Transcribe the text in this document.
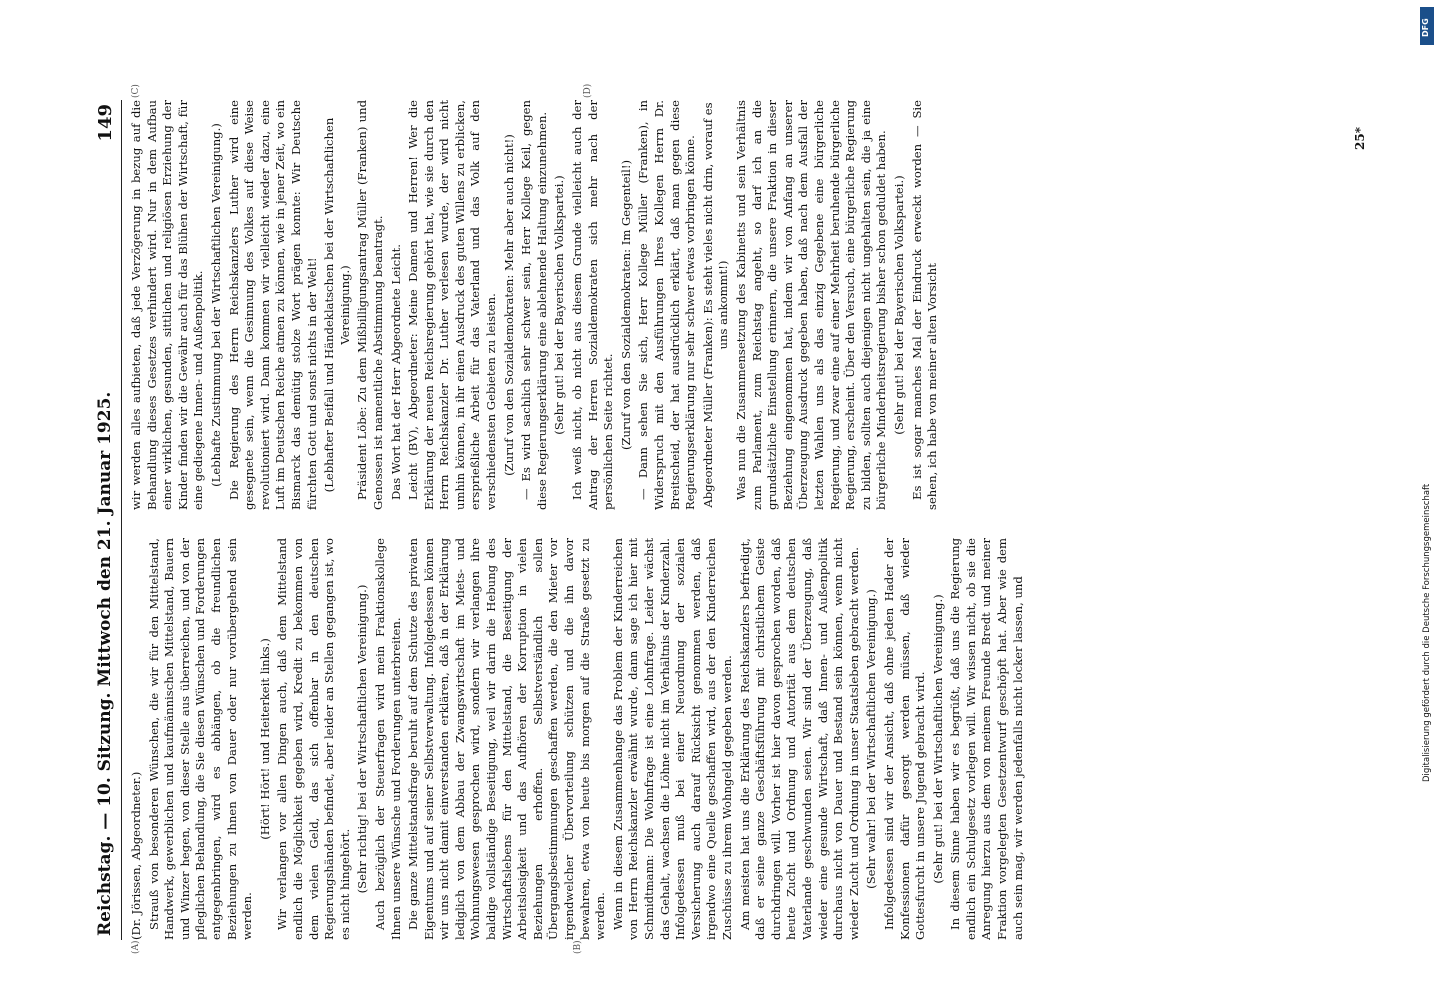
Reichstag. — 10. Sitzung. Mittwoch den 21. Januar 1925.
149
(A)	(B)
(C)	(D)

(Dr. Jörissen, Abgeordneter.) Strauß von besonderen Wünschen, die wir für den Mittelstand, Handwerk, gewerblichen und kaufmännischen Mittelstand, Bauern und Winzer hegen, von dieser Stelle aus überreichen, und von der pfleglichen Behandlung, die Sie diesen Wünschen und Forderungen entgegenbringen, wird es abhängen, ob die freundlichen Beziehungen zu Ihnen von Dauer oder nur vorübergehend sein werden.

(Hört! Hört! und Heiterkeit links.) Wir verlangen vor allen Dingen auch, daß dem Mittelstand endlich die Möglichkeit gegeben wird, Kredit zu bekommen von dem vielen Geld, das sich offenbar in den deutschen Regierungshänden befindet, aber leider an Stellen gegangen ist, wo es nicht hingehört. (Sehr richtig! bei der Wirtschaftlichen Vereinigung.) Auch bezüglich der Steuerfragen wird mein Fraktionskollege Ihnen unsere Wünsche und Forderungen unterbreiten. Die ganze Mittelstandsfrage beruht auf dem Schutze des privaten Eigentums und auf seiner Selbstverwaltung. Infolgedessen können wir uns nicht damit einverstanden erklären, daß in der Erklärung lediglich von dem Abbau der Zwangswirtschaft im Miets- und Wohnungswesen gesprochen wird, sondern wir verlangen ihre baldige vollständige Beseitigung, weil wir darin die Hebung des Wirtschaftslebens für den Mittelstand, die Beseitigung der Arbeitslosigkeit und das Aufhören der Korruption in vielen Beziehungen erhoffen. Selbstverständlich sollen Übergangsbestimmungen geschaffen werden, die den Mieter vor irgendwelcher Übervorteilung schützen und die ihn davor bewahren, etwa von heute bis morgen auf die Straße gesetzt zu werden. Wenn in diesem Zusammenhange das Problem der Kinderreichen von Herrn Reichskanzler erwähnt wurde, dann sage ich hier mit Schmidtmann: Die Wohnfrage ist eine Lohnfrage. Leider wächst das Gehalt, wachsen die Löhne nicht im Verhältnis der Kinderzahl. Infolgedessen muß bei einer Neuordnung der sozialen Versicherung auch darauf Rücksicht genommen werden, daß irgendwo eine Quelle geschaffen wird, aus der den Kinderreichen Zuschüsse zu ihrem Wohngeld gegeben werden. Am meisten hat uns die Erklärung des Reichskanzlers befriedigt, daß er seine ganze Geschäftsführung mit christlichem Geiste durchdringen will. Vorher ist hier davon gesprochen worden, daß heute Zucht und Ordnung und Autorität aus dem deutschen Vaterlande geschwunden seien. Wir sind der Überzeugung, daß wieder eine gesunde Wirtschaft, daß Innen- und Außenpolitik durchaus nicht von Dauer und Bestand sein können, wenn nicht wieder Zucht und Ordnung in unser Staatsleben gebracht werden. (Sehr wahr! bei der Wirtschaftlichen Vereinigung.) Infolgedessen sind wir der Ansicht, daß ohne jeden Hader der Konfessionen dafür gesorgt werden müssen, daß wieder Gottesfurcht in unsere Jugend gebracht wird. (Sehr gut! bei der Wirtschaftlichen Vereinigung.) In diesem Sinne haben wir es begrüßt, daß uns die Regierung endlich ein Schulgesetz vorlegen will. Wir wissen nicht, ob sie die Anregung hierzu aus dem von meinem Freunde Bredt und meiner Fraktion vorgelegten Gesetzentwurf geschöpft hat. Aber wie dem auch sein mag, wir werden jedenfalls nicht locker lassen, und

wir werden alles aufbieten, daß jede Verzögerung in bezug auf die Behandlung dieses Gesetzes verhindert wird. Nur in dem Aufbau einer wirklichen, gesunden, sittlichen und religiösen Erziehung der Kinder finden wir die Gewähr auch für das Blühen der Wirtschaft, für eine gediegene Innen- und Außenpolitik. (Lebhafte Zustimmung bei der Wirtschaftlichen Vereinigung.) Die Regierung des Herrn Reichskanzlers Luther wird eine gesegnete sein, wenn die Gesinnung des Volkes auf diese Weise revolutioniert wird. Dann kommen wir vielleicht wieder dazu, eine Luft im Deutschen Reiche atmen zu können, wie in jener Zeit, wo ein Bismarck das demütig stolze Wort prägen konnte: Wir Deutsche fürchten Gott und sonst nichts in der Welt! (Lebhafter Beifall und Händeklatschen bei der Wirtschaftlichen Vereinigung.) Präsident Löbe: Zu dem Mißbilligungsantrag Müller (Franken) und Genossen ist namentliche Abstimmung beantragt. Das Wort hat der Herr Abgeordnete Leicht. Leicht (BV), Abgeordneter: Meine Damen und Herren! Wer die Erklärung der neuen Reichsregierung gehört hat, wie sie durch den Herrn Reichskanzler Dr. Luther verlesen wurde, der wird nicht umhin können, in ihr einen Ausdruck des guten Willens zu erblicken, ersprießliche Arbeit für das Vaterland und das Volk auf den verschiedensten Gebieten zu leisten. (Zuruf von den Sozialdemokraten: Mehr aber auch nicht!) — Es wird sachlich sehr schwer sein, Herr Kollege Keil, gegen diese Regierungserklärung eine ablehnende Haltung einzunehmen. (Sehr gut! bei der Bayerischen Volkspartei.) Ich weiß nicht, ob nicht aus diesem Grunde vielleicht auch der Antrag der Herren Sozialdemokraten sich mehr nach der persönlichen Seite richtet. (Zuruf von den Sozialdemokraten: Im Gegenteil!) — Dann sehen Sie sich, Herr Kollege Müller (Franken), in Widerspruch mit den Ausführungen Ihres Kollegen Herrn Dr. Breitscheid, der hat ausdrücklich erklärt, daß man gegen diese Regierungserklärung nur sehr schwer etwas vorbringen könne. Abgeordneter Müller (Franken): Es steht vieles nicht drin, worauf es uns ankommt!) Was nun die Zusammensetzung des Kabinetts und sein Verhältnis zum Parlament, zum Reichstag angeht, so darf ich an die grundsätzliche Einstellung erinnern, die unsere Fraktion in dieser Beziehung eingenommen hat, indem wir von Anfang an unserer Überzeugung Ausdruck gegeben haben, daß nach dem Ausfall der letzten Wahlen uns als das einzig Gegebene eine bürgerliche Regierung, und zwar eine auf einer Mehrheit beruhende bürgerliche Regierung, erscheint. Über den Versuch, eine bürgerliche Regierung zu bilden, sollten auch diejenigen nicht ungehalten sein, die ja eine bürgerliche Minderheitsregierung bisher schon geduldet haben. (Sehr gut! bei der Bayerischen Volkspartei.) Es ist sogar manches Mal der Eindruck erweckt worden — Sie sehen, ich habe von meiner alten Vorsicht

25*
DFG
Digitalisierung gefördert durch die Deutsche Forschungsgemeinschaft
